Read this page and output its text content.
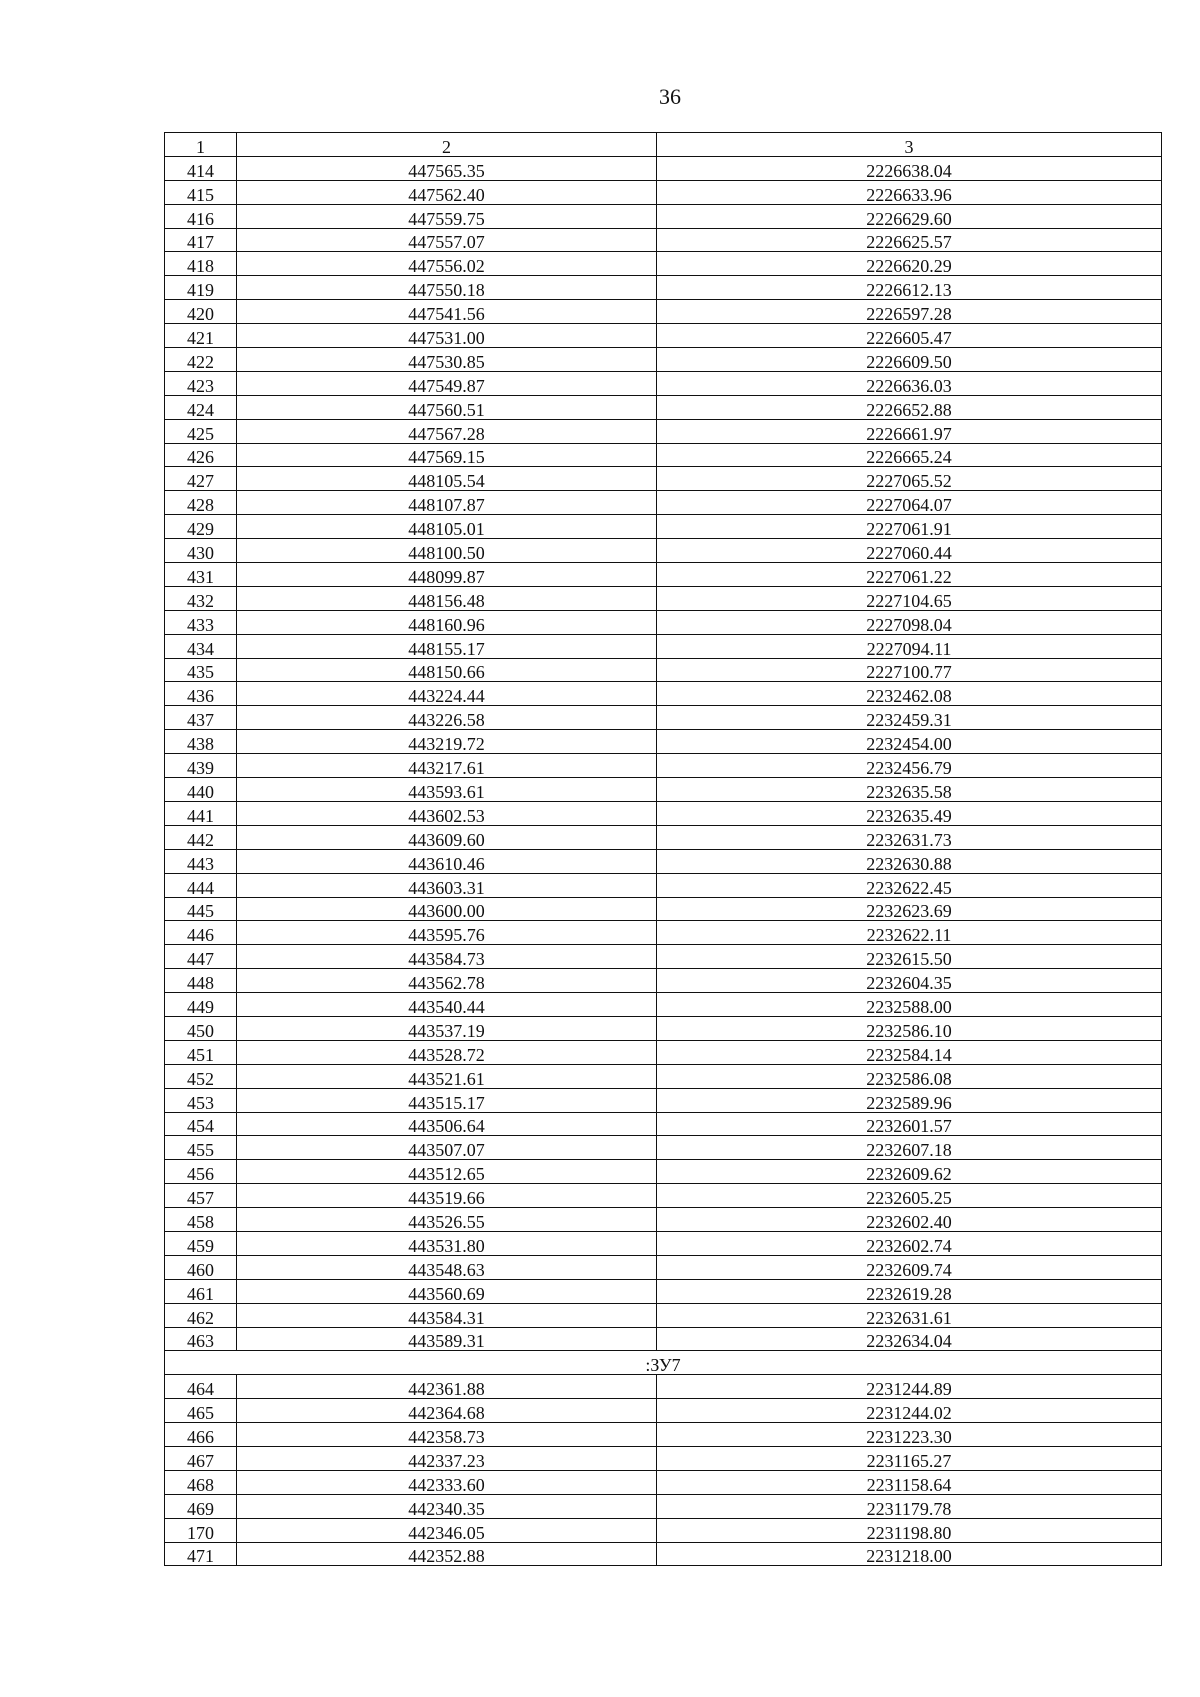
36
1	2	3
414	447565.35	2226638.04
415	447562.40	2226633.96
416	447559.75	2226629.60
417	447557.07	2226625.57
418	447556.02	2226620.29
419	447550.18	2226612.13
420	447541.56	2226597.28
421	447531.00	2226605.47
422	447530.85	2226609.50
423	447549.87	2226636.03
424	447560.51	2226652.88
425	447567.28	2226661.97
426	447569.15	2226665.24
427	448105.54	2227065.52
428	448107.87	2227064.07
429	448105.01	2227061.91
430	448100.50	2227060.44
431	448099.87	2227061.22
432	448156.48	2227104.65
433	448160.96	2227098.04
434	448155.17	2227094.11
435	448150.66	2227100.77
436	443224.44	2232462.08
437	443226.58	2232459.31
438	443219.72	2232454.00
439	443217.61	2232456.79
440	443593.61	2232635.58
441	443602.53	2232635.49
442	443609.60	2232631.73
443	443610.46	2232630.88
444	443603.31	2232622.45
445	443600.00	2232623.69
446	443595.76	2232622.11
447	443584.73	2232615.50
448	443562.78	2232604.35
449	443540.44	2232588.00
450	443537.19	2232586.10
451	443528.72	2232584.14
452	443521.61	2232586.08
453	443515.17	2232589.96
454	443506.64	2232601.57
455	443507.07	2232607.18
456	443512.65	2232609.62
457	443519.66	2232605.25
458	443526.55	2232602.40
459	443531.80	2232602.74
460	443548.63	2232609.74
461	443560.69	2232619.28
462	443584.31	2232631.61
463	443589.31	2232634.04
:ЗУ7		
464	442361.88	2231244.89
465	442364.68	2231244.02
466	442358.73	2231223.30
467	442337.23	2231165.27
468	442333.60	2231158.64
469	442340.35	2231179.78
170	442346.05	2231198.80
471	442352.88	2231218.00
